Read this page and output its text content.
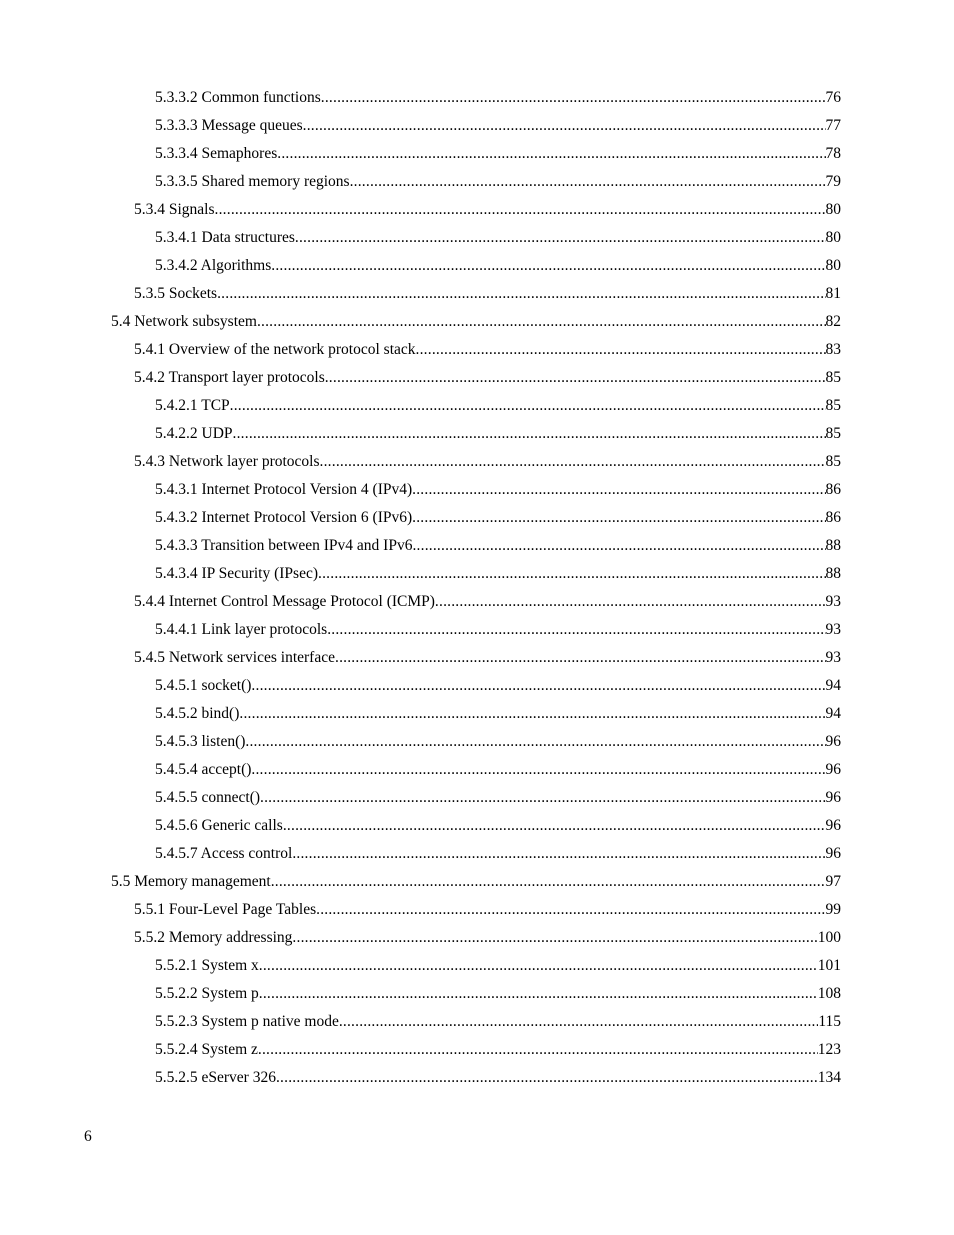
5.3.3.2 Common functions .....	76
5.3.3.3 Message queues .....	77
5.3.3.4 Semaphores .....	78
5.3.3.5 Shared memory regions .....	79
5.3.4 Signals .....	80
5.3.4.1 Data structures .....	80
5.3.4.2 Algorithms .....	80
5.3.5 Sockets .....	81
5.4 Network subsystem .....	82
5.4.1 Overview of the network protocol stack .....	83
5.4.2 Transport layer protocols .....	85
5.4.2.1 TCP .....	85
5.4.2.2 UDP .....	85
5.4.3 Network layer protocols .....	85
5.4.3.1 Internet Protocol Version 4 (IPv4) .....	86
5.4.3.2 Internet Protocol Version 6 (IPv6) .....	86
5.4.3.3 Transition between IPv4 and IPv6 .....	88
5.4.3.4 IP Security (IPsec) .....	88
5.4.4 Internet Control Message Protocol (ICMP) .....	93
5.4.4.1 Link layer protocols .....	93
5.4.5 Network services interface .....	93
5.4.5.1 socket() .....	94
5.4.5.2 bind() .....	94
5.4.5.3 listen() .....	96
5.4.5.4 accept() .....	96
5.4.5.5 connect() .....	96
5.4.5.6 Generic calls .....	96
5.4.5.7 Access control .....	96
5.5 Memory management .....	97
5.5.1 Four-Level Page Tables .....	99
5.5.2 Memory addressing .....	100
5.5.2.1 System x .....	101
5.5.2.2 System p .....	108
5.5.2.3 System p native mode .....	115
5.5.2.4 System z .....	123
5.5.2.5 eServer 326 .....	134
6
